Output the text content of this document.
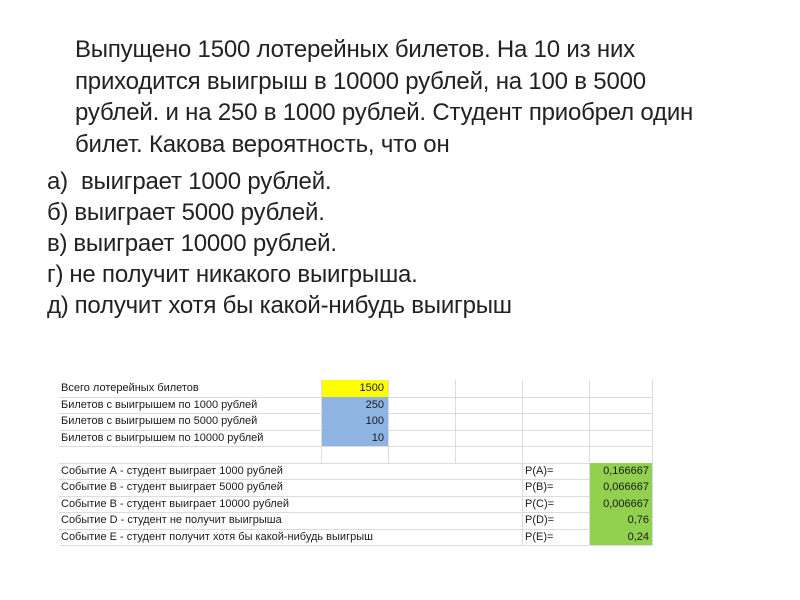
Выпущено 1500 лотерейных билетов. На 10 из них
приходится выигрыш в 10000 рублей, на 100 в 5000
рублей. и на 250 в 1000 рублей. Студент приобрел один
билет. Какова вероятность, что он
а) выиграет 1000 рублей.
б) выиграет 5000 рублей.
в) выиграет 10000 рублей.
г) не получит никакого выигрыша.
д) получит хотя бы какой-нибудь выигрыш
Всего лотерейных билетов	1500
Билетов с выигрышем по 1000 рублей	250
Билетов с выигрышем по 5000 рублей	100
Билетов с выигрышем по 10000 рублей	10
Событие А - студент выиграет 1000 рублей	P(A)=	0,166667
Событие В - студент выиграет 5000 рублей	P(B)=	0,066667
Событие В - студент выиграет 10000 рублей	P(C)=	0,006667
Событие D - студент не получит выигрыша	P(D)=	0,76
Событие Е - студент получит хотя бы какой-нибудь выигрыш	P(E)=	0,24
